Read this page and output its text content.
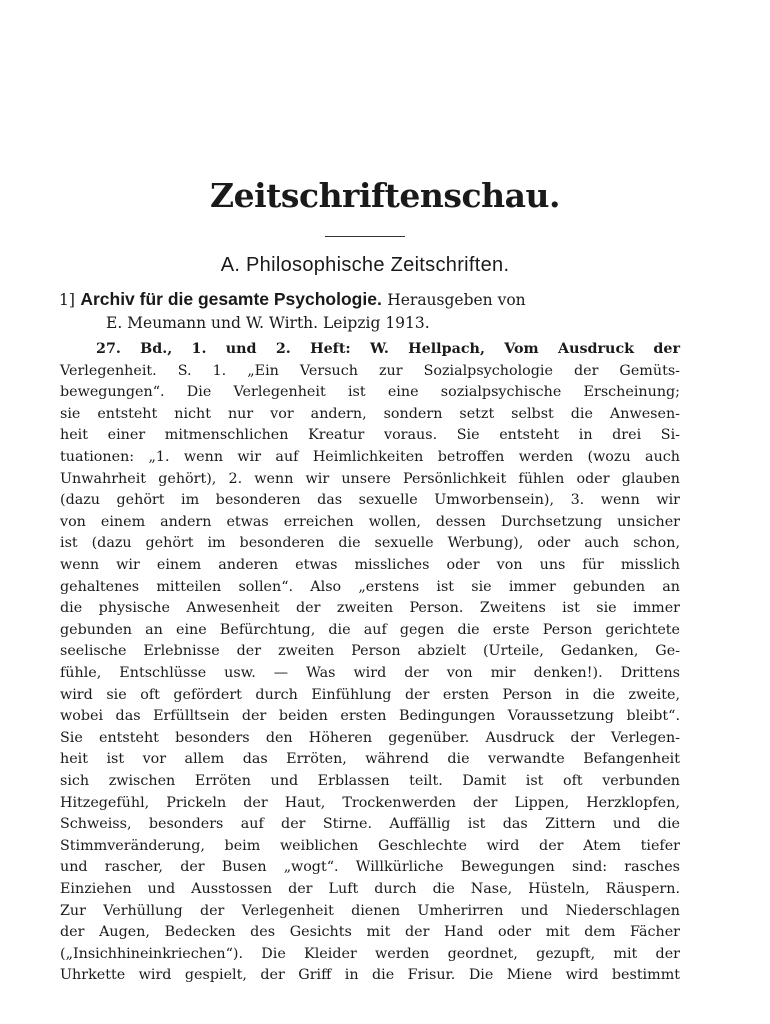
Zeitschriftenschau.
A. Philosophische Zeitschriften.
1] Archiv für die gesamte Psychologie. Herausgeben von
E. Meumann und W. Wirth. Leipzig 1913.
27. Bd., 1. und 2. Heft: W. Hellpach, Vom Ausdruck der
Verlegenheit. S. 1. „Ein Versuch zur Sozialpsychologie der Gemüts-
bewegungen“. Die Verlegenheit ist eine sozialpsychische Erscheinung;
sie entsteht nicht nur vor andern, sondern setzt selbst die Anwesen-
heit einer mitmenschlichen Kreatur voraus. Sie entsteht in drei Si-
tuationen: „1. wenn wir auf Heimlichkeiten betroffen werden (wozu auch
Unwahrheit gehört), 2. wenn wir unsere Persönlichkeit fühlen oder glauben
(dazu gehört im besonderen das sexuelle Umworbensein), 3. wenn wir
von einem andern etwas erreichen wollen, dessen Durchsetzung unsicher
ist (dazu gehört im besonderen die sexuelle Werbung), oder auch schon,
wenn wir einem anderen etwas missliches oder von uns für misslich
gehaltenes mitteilen sollen“. Also „erstens ist sie immer gebunden an
die physische Anwesenheit der zweiten Person. Zweitens ist sie immer
gebunden an eine Befürchtung, die auf gegen die erste Person gerichtete
seelische Erlebnisse der zweiten Person abzielt (Urteile, Gedanken, Ge-
fühle, Entschlüsse usw. — Was wird der von mir denken!). Drittens
wird sie oft gefördert durch Einfühlung der ersten Person in die zweite,
wobei das Erfülltsein der beiden ersten Bedingungen Voraussetzung bleibt“.
Sie entsteht besonders den Höheren gegenüber. Ausdruck der Verlegen-
heit ist vor allem das Erröten, während die verwandte Befangenheit
sich zwischen Erröten und Erblassen teilt. Damit ist oft verbunden
Hitzegefühl, Prickeln der Haut, Trockenwerden der Lippen, Herzklopfen,
Schweiss, besonders auf der Stirne. Auffällig ist das Zittern und die
Stimmveränderung, beim weiblichen Geschlechte wird der Atem tiefer
und rascher, der Busen „wogt“. Willkürliche Bewegungen sind: rasches
Einziehen und Ausstossen der Luft durch die Nase, Hüsteln, Räuspern.
Zur Verhüllung der Verlegenheit dienen Umherirren und Niederschlagen
der Augen, Bedecken des Gesichts mit der Hand oder mit dem Fächer
(„Insichhineinkriechen“). Die Kleider werden geordnet, gezupft, mit der
Uhrkette wird gespielt, der Griff in die Frisur. Die Miene wird bestimmt
